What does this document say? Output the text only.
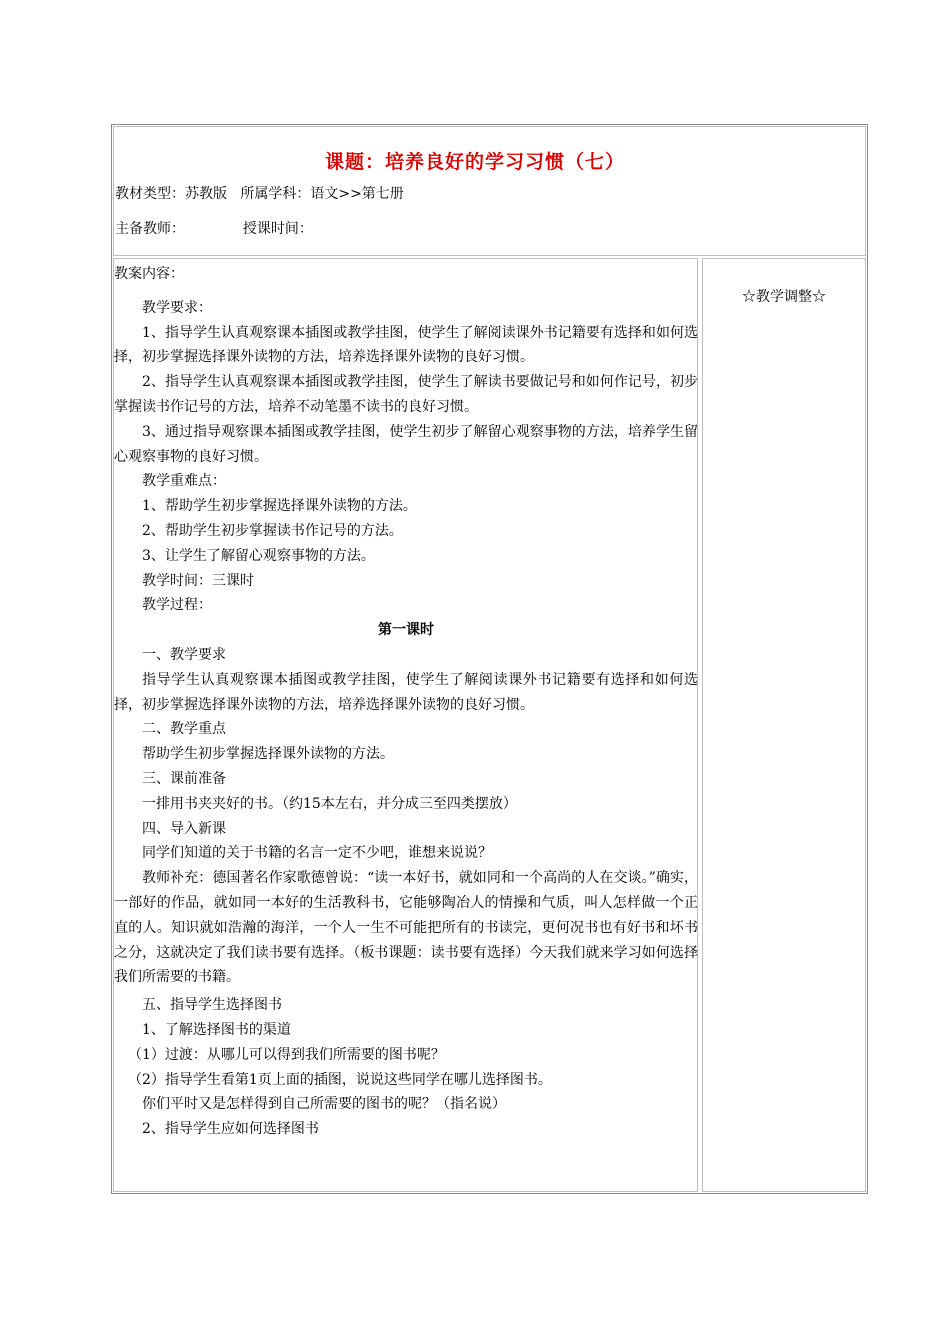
课题：培养良好的学习习惯（七）
教材类型：苏教版   所属学科：语文>>第七册
主备教师：             授课时间：
☆教学调整☆
教案内容：
教学要求：
1、指导学生认真观察课本插图或教学挂图，使学生了解阅读课外书记籍要有选择和如何选择，初步掌握选择课外读物的方法，培养选择课外读物的良好习惯。
2、指导学生认真观察课本插图或教学挂图，使学生了解读书要做记号和如何作记号，初步掌握读书作记号的方法，培养不动笔墨不读书的良好习惯。
3、通过指导观察课本插图或教学挂图，使学生初步了解留心观察事物的方法，培养学生留心观察事物的良好习惯。
教学重难点：
1、帮助学生初步掌握选择课外读物的方法。
2、帮助学生初步掌握读书作记号的方法。
3、让学生了解留心观察事物的方法。
教学时间：三课时
教学过程：
第一课时
一、教学要求
指导学生认真观察课本插图或教学挂图，使学生了解阅读课外书记籍要有选择和如何选择，初步掌握选择课外读物的方法，培养选择课外读物的良好习惯。
二、教学重点
帮助学生初步掌握选择课外读物的方法。
三、课前准备
一排用书夹夹好的书。（约15本左右，并分成三至四类摆放）
四、导入新课
同学们知道的关于书籍的名言一定不少吧，谁想来说说？
教师补充：德国著名作家歌德曾说：“读一本好书，就如同和一个高尚的人在交谈。”确实，一部好的作品，就如同一本好的生活教科书，它能够陶冶人的情操和气质，叫人怎样做一个正直的人。知识就如浩瀚的海洋，一个人一生不可能把所有的书读完，更何况书也有好书和坏书之分，这就决定了我们读书要有选择。（板书课题：读书要有选择）今天我们就来学习如何选择我们所需要的书籍。
五、指导学生选择图书
1、了解选择图书的渠道
（1）过渡：从哪儿可以得到我们所需要的图书呢？
（2）指导学生看第1页上面的插图，说说这些同学在哪儿选择图书。
你们平时又是怎样得到自己所需要的图书的呢？（指名说）
2、指导学生应如何选择图书
